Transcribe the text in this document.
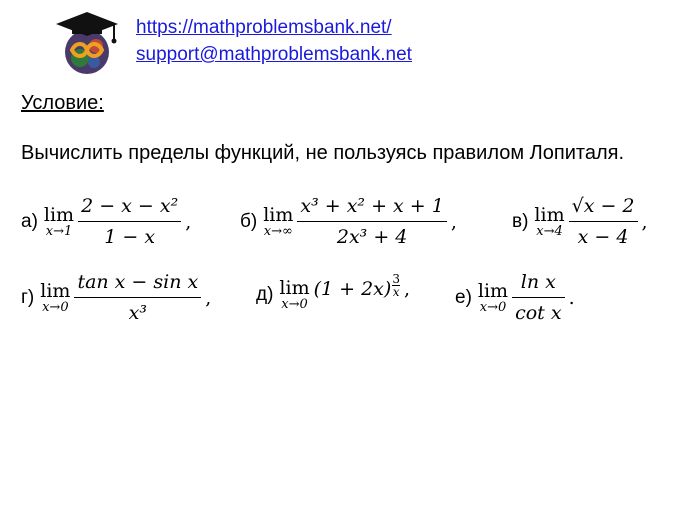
https://mathproblemsbank.net/
support@mathproblemsbank.net
Условие:
Вычислить пределы функций, не пользуясь правилом Лопиталя.
а) lim
$x\to 1 \frac{\text{2 − x − x²}}{1 - x}$ ,	б) lim
$x\to\infty \frac{\text{x³ + x² + x + 1}}{\text{2x³ + 4}}$ ,	в) lim
$x\to 4 \frac{√x - 2}{x - 4}$ ,
г) lim
$x\to 0 \frac{\text{tan x − sin x}}{\text{x³}}$ , д) lim
x→0
(1 + 2x) 3
x , е) lim
$x\to 0 \frac{\text{ln x}}{\text{cot x}}$ .
